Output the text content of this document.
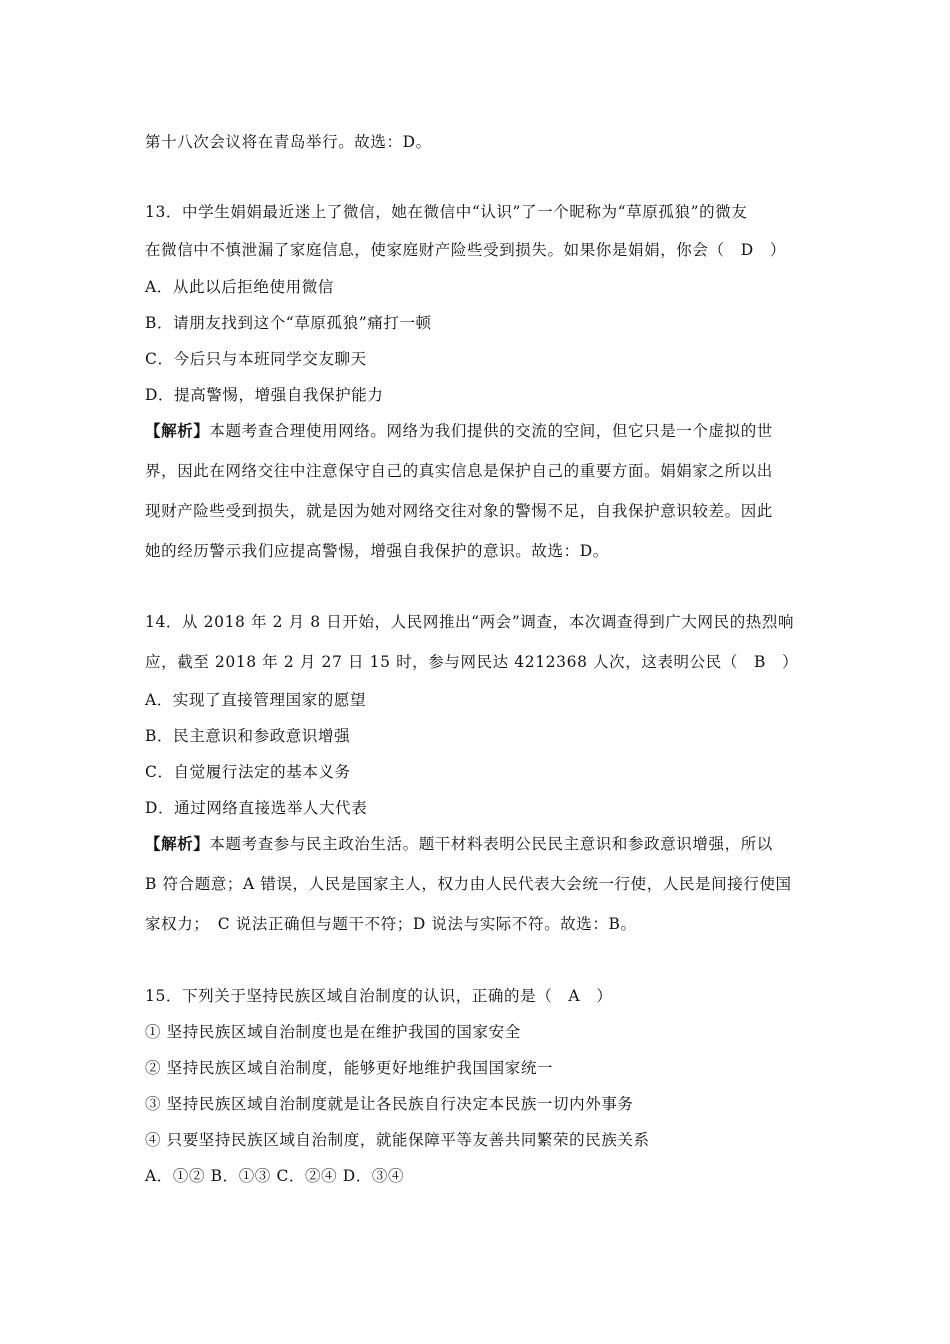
第十八次会议将在青岛举行。故选：D。
13．中学生娟娟最近迷上了微信，她在微信中“认识”了一个昵称为“草原孤狼”的微友
在微信中不慎泄漏了家庭信息，使家庭财产险些受到损失。如果你是娟娟，你会（　D　）
A．从此以后拒绝使用微信
B．请朋友找到这个“草原孤狼”痛打一顿
C．今后只与本班同学交友聊天
D．提高警惕，增强自我保护能力
【解析】本题考查合理使用网络。网络为我们提供的交流的空间，但它只是一个虚拟的世
界，因此在网络交往中注意保守自己的真实信息是保护自己的重要方面。娟娟家之所以出
现财产险些受到损失，就是因为她对网络交往对象的警惕不足，自我保护意识较差。因此
她的经历警示我们应提高警惕，增强自我保护的意识。故选：D。
14．从 2018 年 2 月 8 日开始，人民网推出“两会”调查，本次调查得到广大网民的热烈响
应，截至 2018 年 2 月 27 日 15 时，参与网民达 4212368 人次，这表明公民（　B　）
A．实现了直接管理国家的愿望
B．民主意识和参政意识增强
C．自觉履行法定的基本义务
D．通过网络直接选举人大代表
【解析】本题考查参与民主政治生活。题干材料表明公民民主意识和参政意识增强，所以
B 符合题意；A 错误，人民是国家主人，权力由人民代表大会统一行使，人民是间接行使国
家权力；　C 说法正确但与题干不符；D 说法与实际不符。故选：B。
15．下列关于坚持民族区域自治制度的认识，正确的是（　A　）
① 坚持民族区域自治制度也是在维护我国的国家安全
② 坚持民族区域自治制度，能够更好地维护我国国家统一
③ 坚持民族区域自治制度就是让各民族自行决定本民族一切内外事务
④ 只要坚持民族区域自治制度，就能保障平等友善共同繁荣的民族关系
A．①② B．①③ C．②④ D．③④
